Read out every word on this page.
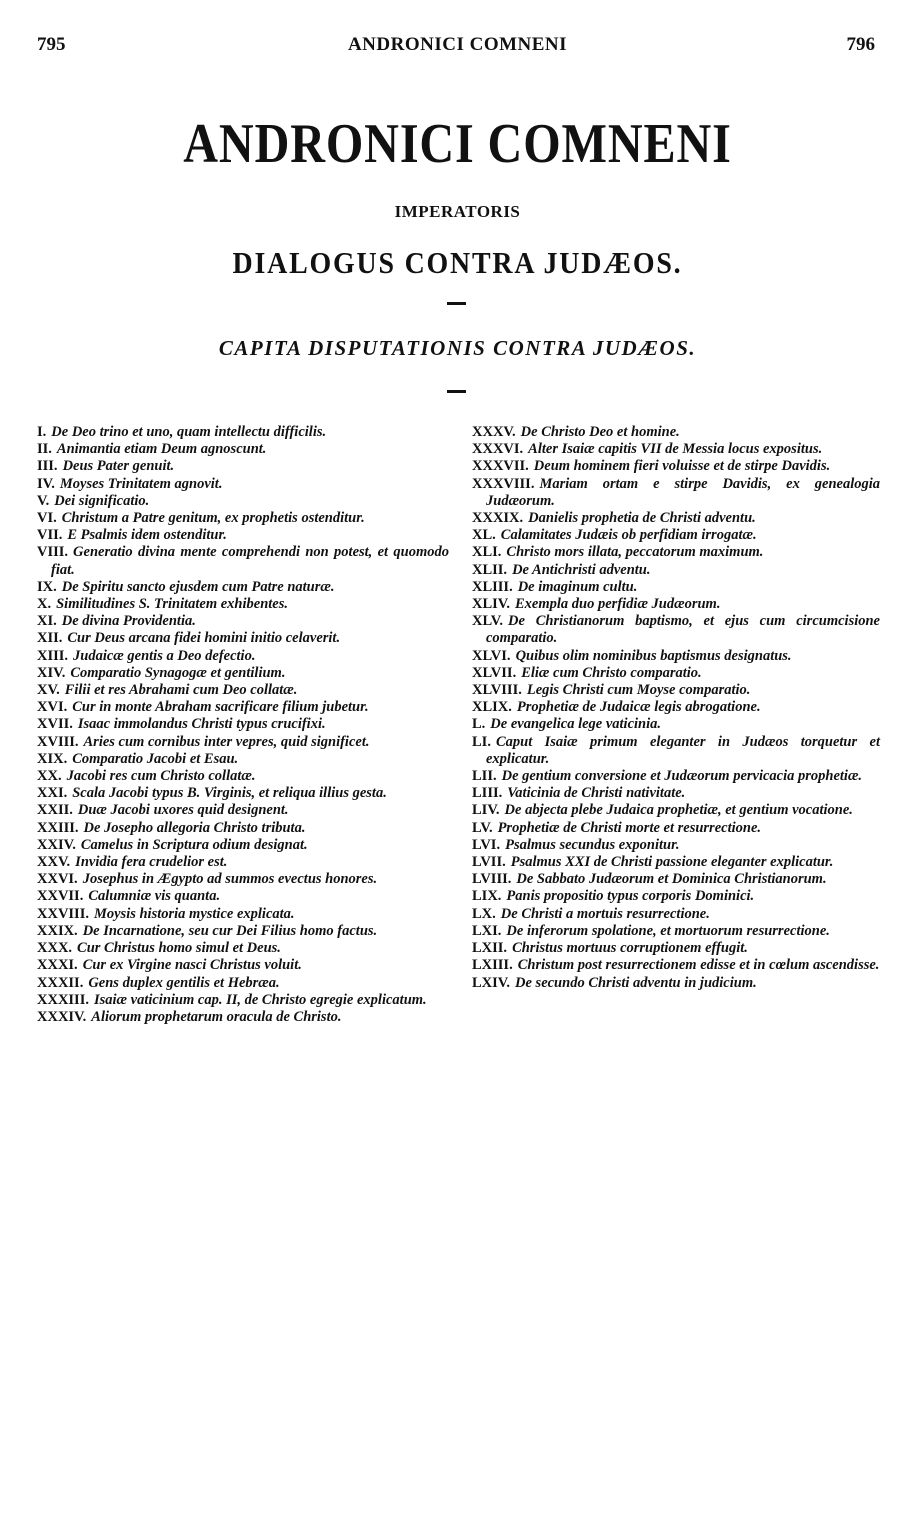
795	ANDRONICI COMNENI	796
ANDRONICI COMNENI
IMPERATORIS
DIALOGUS CONTRA JUDÆOS.
CAPITA DISPUTATIONIS CONTRA JUDÆOS.
I. De Deo trino et uno, quam intellectu difficilis.
II. Animantia etiam Deum agnoscunt.
III. Deus Pater genuit.
IV. Moyses Trinitatem agnovit.
V. Dei significatio.
VI. Christum a Patre genitum, ex prophetis ostenditur.
VII. E Psalmis idem ostenditur.
VIII. Generatio divina mente comprehendi non potest, et quomodo fiat.
IX. De Spiritu sancto ejusdem cum Patre naturæ.
X. Similitudines S. Trinitatem exhibentes.
XI. De divina Providentia.
XII. Cur Deus arcana fidei homini initio celaverit.
XIII. Judaicæ gentis a Deo defectio.
XIV. Comparatio Synagogæ et gentilium.
XV. Filii et res Abrahami cum Deo collatæ.
XVI. Cur in monte Abraham sacrificare filium jubetur.
XVII. Isaac immolandus Christi typus crucifixi.
XVIII. Aries cum cornibus inter vepres, quid significet.
XIX. Comparatio Jacobi et Esau.
XX. Jacobi res cum Christo collatæ.
XXI. Scala Jacobi typus B. Virginis, et reliqua illius gesta.
XXII. Duæ Jacobi uxores quid designent.
XXIII. De Josepho allegoria Christo tributa.
XXIV. Camelus in Scriptura odium designat.
XXV. Invidia fera crudelior est.
XXVI. Josephus in Ægypto ad summos evectus honores.
XXVII. Calumniæ vis quanta.
XXVIII. Moysis historia mystice explicata.
XXIX. De Incarnatione, seu cur Dei Filius homo factus.
XXX. Cur Christus homo simul et Deus.
XXXI. Cur ex Virgine nasci Christus voluit.
XXXII. Gens duplex gentilis et Hebræa.
XXXIII. Isaiæ vaticinium cap. II, de Christo egregie explicatum.
XXXIV. Aliorum prophetarum oracula de Christo.
XXXV. De Christo Deo et homine.
XXXVI. Alter Isaiæ capitis VII de Messia locus expositus.
XXXVII. Deum hominem fieri voluisse et de stirpe Davidis.
XXXVIII. Mariam ortam e stirpe Davidis, ex genealogia Judæorum.
XXXIX. Danielis prophetia de Christi adventu.
XL. Calamitates Judæis ob perfidiam irrogatæ.
XLI. Christo mors illata, peccatorum maximum.
XLII. De Antichristi adventu.
XLIII. De imaginum cultu.
XLIV. Exempla duo perfidiæ Judæorum.
XLV. De Christianorum baptismo, et ejus cum circumcisione comparatio.
XLVI. Quibus olim nominibus baptismus designatus.
XLVII. Eliæ cum Christo comparatio.
XLVIII. Legis Christi cum Moyse comparatio.
XLIX. Prophetiæ de Judaicæ legis abrogatione.
L. De evangelica lege vaticinia.
LI. Caput Isaiæ primum eleganter in Judæos torquetur et explicatur.
LII. De gentium conversione et Judæorum pervicacia prophetiæ.
LIII. Vaticinia de Christi nativitate.
LIV. De abjecta plebe Judaica prophetiæ, et gentium vocatione.
LV. Prophetiæ de Christi morte et resurrectione.
LVI. Psalmus secundus exponitur.
LVII. Psalmus XXI de Christi passione eleganter explicatur.
LVIII. De Sabbato Judæorum et Dominica Christianorum.
LIX. Panis propositio typus corporis Dominici.
LX. De Christi a mortuis resurrectione.
LXI. De inferorum spolatione, et mortuorum resurrectione.
LXII. Christus mortuus corruptionem effugit.
LXIII. Christum post resurrectionem edisse et in cœlum ascendisse.
LXIV. De secundo Christi adventu in judicium.
